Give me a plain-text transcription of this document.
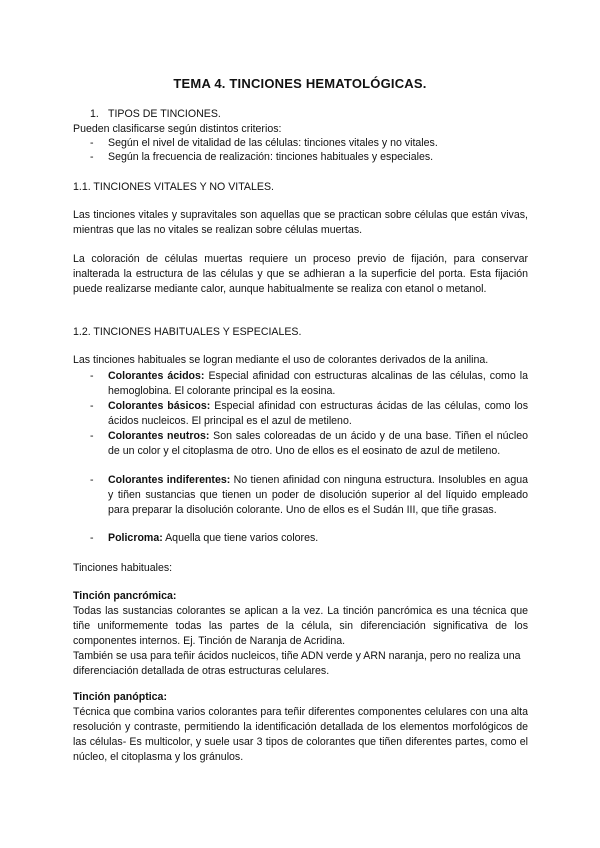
TEMA 4. TINCIONES HEMATOLÓGICAS.
1. TIPOS DE TINCIONES.
Pueden clasificarse según distintos criterios:
- Según el nivel de vitalidad de las células: tinciones vitales y no vitales.
- Según la frecuencia de realización: tinciones habituales y especiales.
1.1. TINCIONES VITALES Y NO VITALES.
Las tinciones vitales y supravitales son aquellas que se practican sobre células que están vivas, mientras que las no vitales se realizan sobre células muertas.
La coloración de células muertas requiere un proceso previo de fijación, para conservar inalterada la estructura de las células y que se adhieran a la superficie del porta. Esta fijación puede realizarse mediante calor, aunque habitualmente se realiza con etanol o metanol.
1.2. TINCIONES HABITUALES Y ESPECIALES.
Las tinciones habituales se logran mediante el uso de colorantes derivados de la anilina.
- Colorantes ácidos: Especial afinidad con estructuras alcalinas de las células, como la hemoglobina. El colorante principal es la eosina.
- Colorantes básicos: Especial afinidad con estructuras ácidas de las células, como los ácidos nucleicos. El principal es el azul de metileno.
- Colorantes neutros: Son sales coloreadas de un ácido y de una base. Tiñen el núcleo de un color y el citoplasma de otro. Uno de ellos es el eosinato de azul de metileno.
- Colorantes indiferentes: No tienen afinidad con ninguna estructura. Insolubles en agua y tiñen sustancias que tienen un poder de disolución superior al del líquido empleado para preparar la disolución colorante. Uno de ellos es el Sudán III, que tiñe grasas.
- Policroma: Aquella que tiene varios colores.
Tinciones habituales:
Tinción pancrómica:
Todas las sustancias colorantes se aplican a la vez. La tinción pancrómica es una técnica que tiñe uniformemente todas las partes de la célula, sin diferenciación significativa de los componentes internos. Ej. Tinción de Naranja de Acridina.
También se usa para teñir ácidos nucleicos, tiñe ADN verde y ARN naranja, pero no realiza una diferenciación detallada de otras estructuras celulares.
Tinción panóptica:
Técnica que combina varios colorantes para teñir diferentes componentes celulares con una alta resolución y contraste, permitiendo la identificación detallada de los elementos morfológicos de las células- Es multicolor, y suele usar 3 tipos de colorantes que tiñen diferentes partes, como el núcleo, el citoplasma y los gránulos.
